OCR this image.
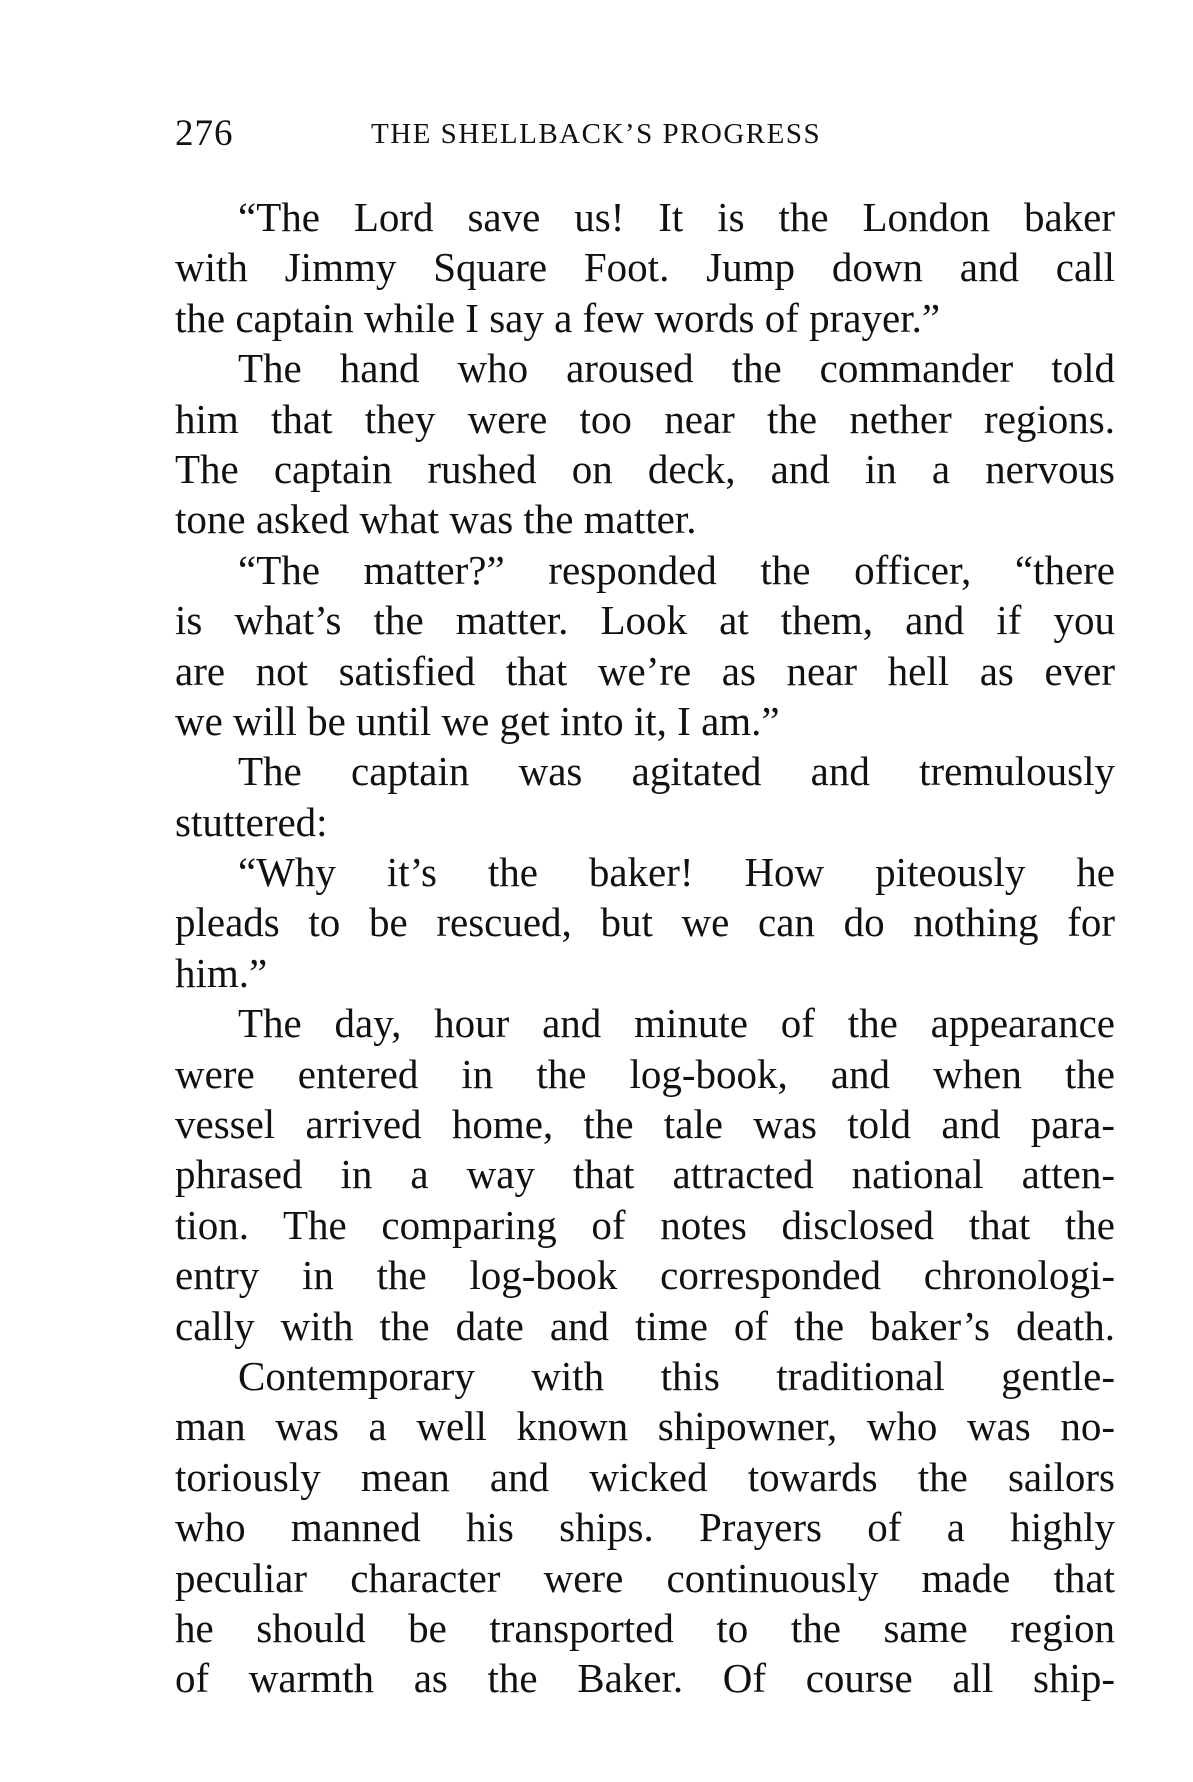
276	THE SHELLBACK’S PROGRESS
“The Lord save us! It is the London baker
with Jimmy Square Foot. Jump down and call
the captain while I say a few words of prayer.”
The hand who aroused the commander told
him that they were too near the nether regions.
The captain rushed on deck, and in a nervous
tone asked what was the matter.
“The matter?” responded the officer, “there
is what’s the matter. Look at them, and if you
are not satisfied that we’re as near hell as ever
we will be until we get into it, I am.”
The captain was agitated and tremulously
stuttered:
“Why it’s the baker! How piteously he
pleads to be rescued, but we can do nothing for
him.”
The day, hour and minute of the appearance
were entered in the log-book, and when the
vessel arrived home, the tale was told and para-
phrased in a way that attracted national atten-
tion. The comparing of notes disclosed that the
entry in the log-book corresponded chronologi-
cally with the date and time of the baker’s death.
Contemporary with this traditional gentle-
man was a well known shipowner, who was no-
toriously mean and wicked towards the sailors
who manned his ships. Prayers of a highly
peculiar character were continuously made that
he should be transported to the same region
of warmth as the Baker. Of course all ship-
